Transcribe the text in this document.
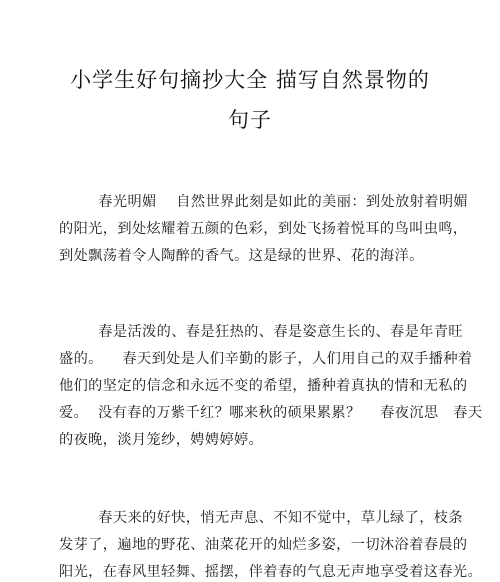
小学生好句摘抄大全 描写自然景物的
句子
春光明媚    自然世界此刻是如此的美丽：到处放射着明媚
的阳光，到处炫耀着五颜的色彩，到处飞扬着悦耳的鸟叫虫鸣，
到处飘荡着令人陶醉的香气。这是绿的世界、花的海洋。
春是活泼的、春是狂热的、春是姿意生长的、春是年青旺
盛的。    春天到处是人们辛勤的影子，人们用自己的双手播种着
他们的坚定的信念和永远不变的希望，播种着真执的情和无私的
爱。  没有春的万紫千红？哪来秋的硕果累累？    春夜沉思   春天
的夜晚，淡月笼纱，娉娉婷婷。
春天来的好快，悄无声息、不知不觉中，草儿绿了，枝条
发芽了，遍地的野花、油菜花开的灿烂多姿，一切沐浴着春晨的
阳光，在春风里轻舞、摇摆，伴着春的气息无声地享受着这春光。
